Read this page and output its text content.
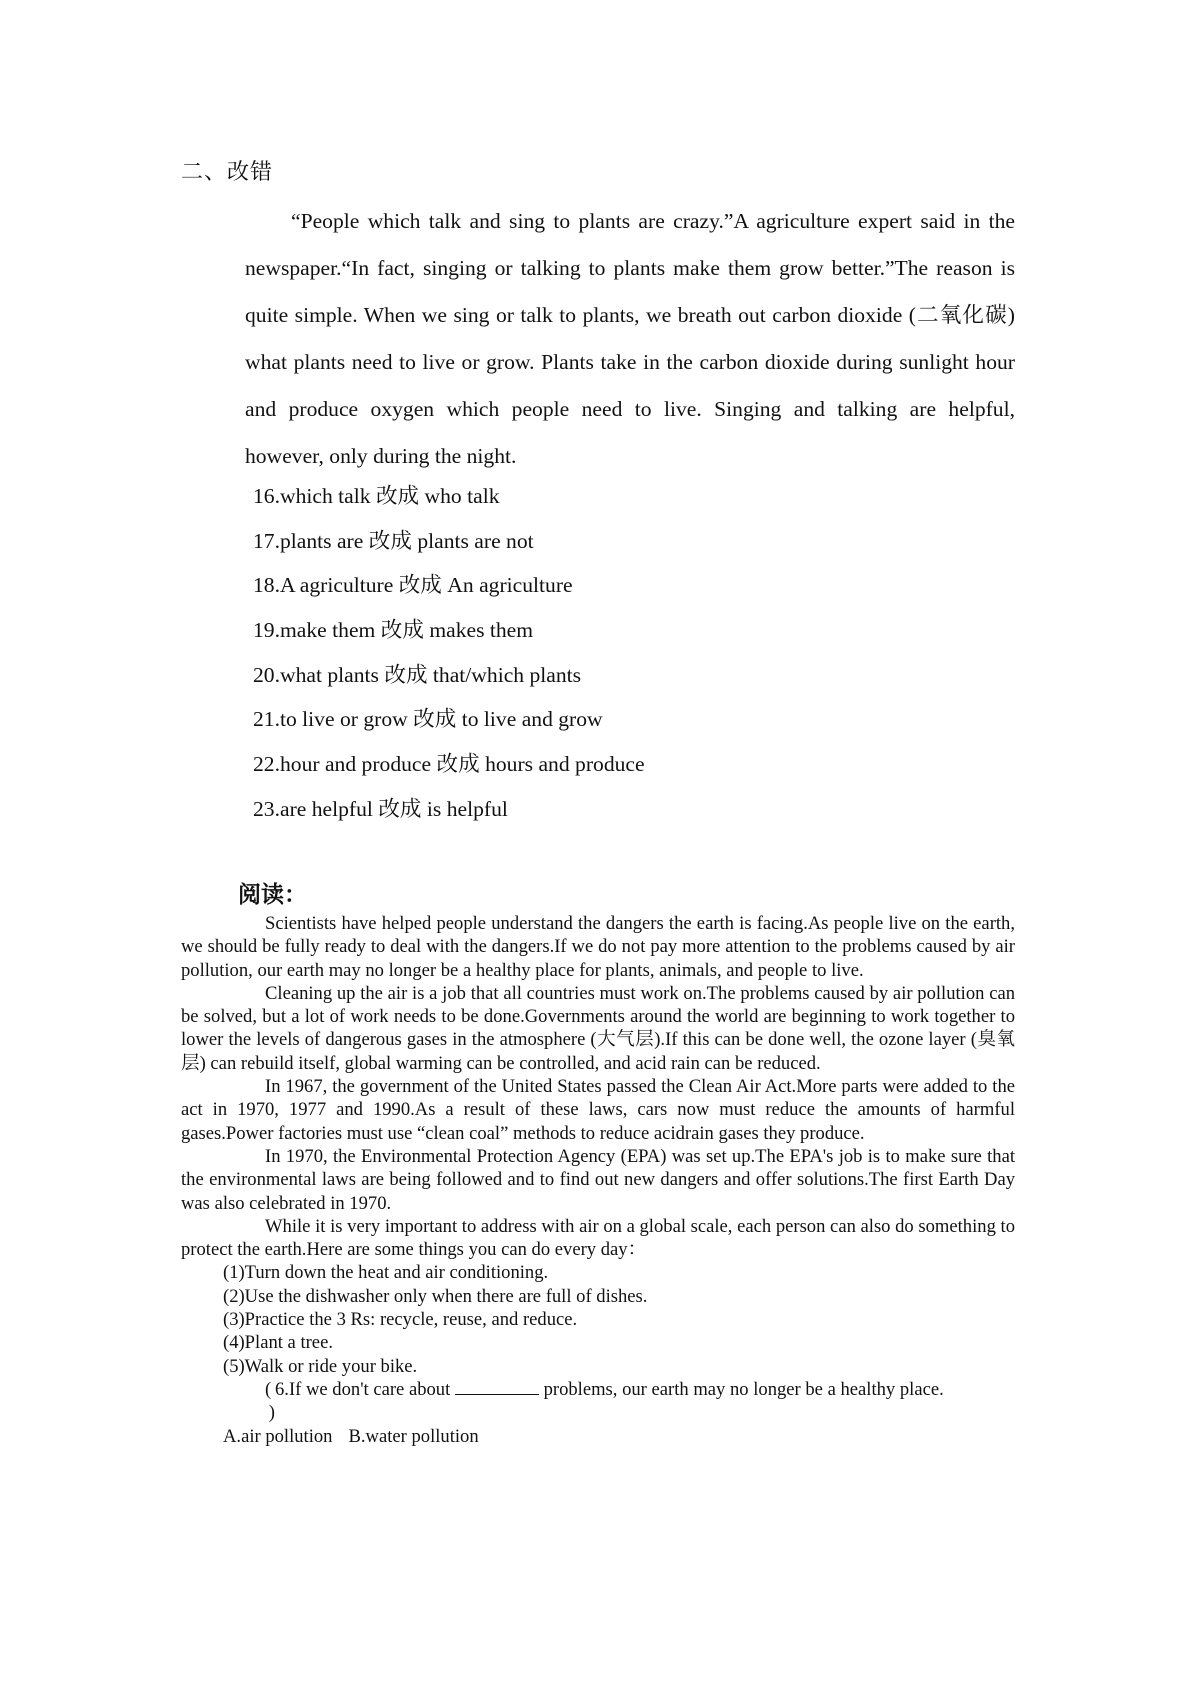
二、改错

“People which talk and sing to plants are crazy.”A agriculture expert said in the newspaper.“In fact, singing or talking to plants make them grow better.”The reason is quite simple. When we sing or talk to plants, we breath out carbon dioxide (二氧化碳) what plants need to live or grow. Plants take in the carbon dioxide during sunlight hour and produce oxygen which people need to live. Singing and talking are helpful, however, only during the night.

16.which talk 改成 who talk
17.plants are 改成 plants are not
18.A agriculture 改成 An agriculture
19.make them 改成 makes them
20.what plants 改成 that/which plants
21.to live or grow 改成 to live and grow
22.hour and produce 改成 hours and produce
23.are helpful 改成 is helpful
阅读：

Scientists have helped people understand the dangers the earth is facing.As people live on the earth, we should be fully ready to deal with the dangers.If we do not pay more attention to the problems caused by air pollution, our earth may no longer be a healthy place for plants, animals, and people to live.

Cleaning up the air is a job that all countries must work on.The problems caused by air pollution can be solved, but a lot of work needs to be done.Governments around the world are beginning to work together to lower the levels of dangerous gases in the atmosphere (大气层).If this can be done well, the ozone layer (臭氧层) can rebuild itself, global warming can be controlled, and acid rain can be reduced.

In 1967, the government of the United States passed the Clean Air Act.More parts were added to the act in 1970, 1977 and 1990.As a result of these laws, cars now must reduce the amounts of harmful gases.Power factories must use “clean coal” methods to reduce acidrain gases they produce.

In 1970, the Environmental Protection Agency (EPA) was set up.The EPA's job is to make sure that the environmental laws are being followed and to find out new dangers and offer solutions.The first Earth Day was also celebrated in 1970.

While it is very important to address with air on a global scale, each person can also do something to protect the earth.Here are some things you can do every day：

(1)Turn down the heat and air conditioning.
(2)Use the dishwasher only when there are full of dishes.
(3)Practice the 3 Rs: recycle, reuse, and reduce.
(4)Plant a tree.
(5)Walk or ride your bike.
(
)
6.If we don't care about	problems, our earth may no longer be a healthy place.
A.air pollution B.water pollution
